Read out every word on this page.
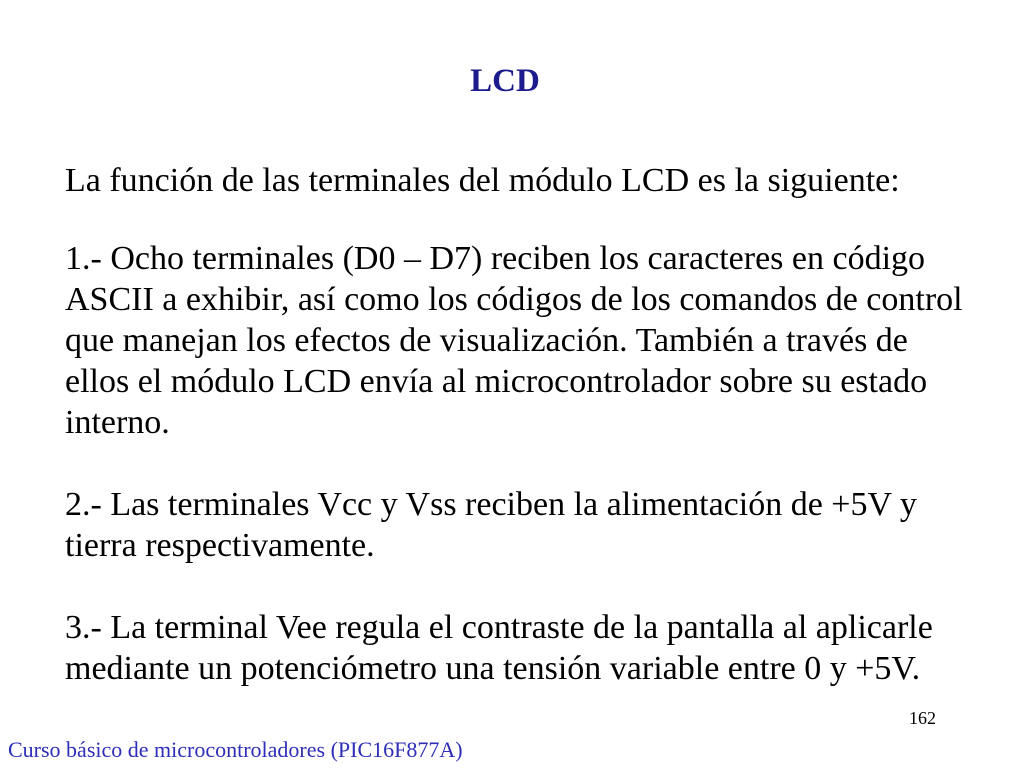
LCD

La función de las terminales del módulo LCD es la siguiente:

1.- Ocho terminales (D0 – D7) reciben los caracteres en código
ASCII a exhibir, así como los códigos de los comandos de control
que manejan los efectos de visualización. También a través de
ellos el módulo LCD envía al microcontrolador sobre su estado
interno.
2.- Las terminales Vcc y Vss reciben la alimentación de +5V y
tierra respectivamente.
3.- La terminal Vee regula el contraste de la pantalla al aplicarle
mediante un potenciómetro una tensión variable entre 0 y +5V.
162
Curso básico de microcontroladores (PIC16F877A)
